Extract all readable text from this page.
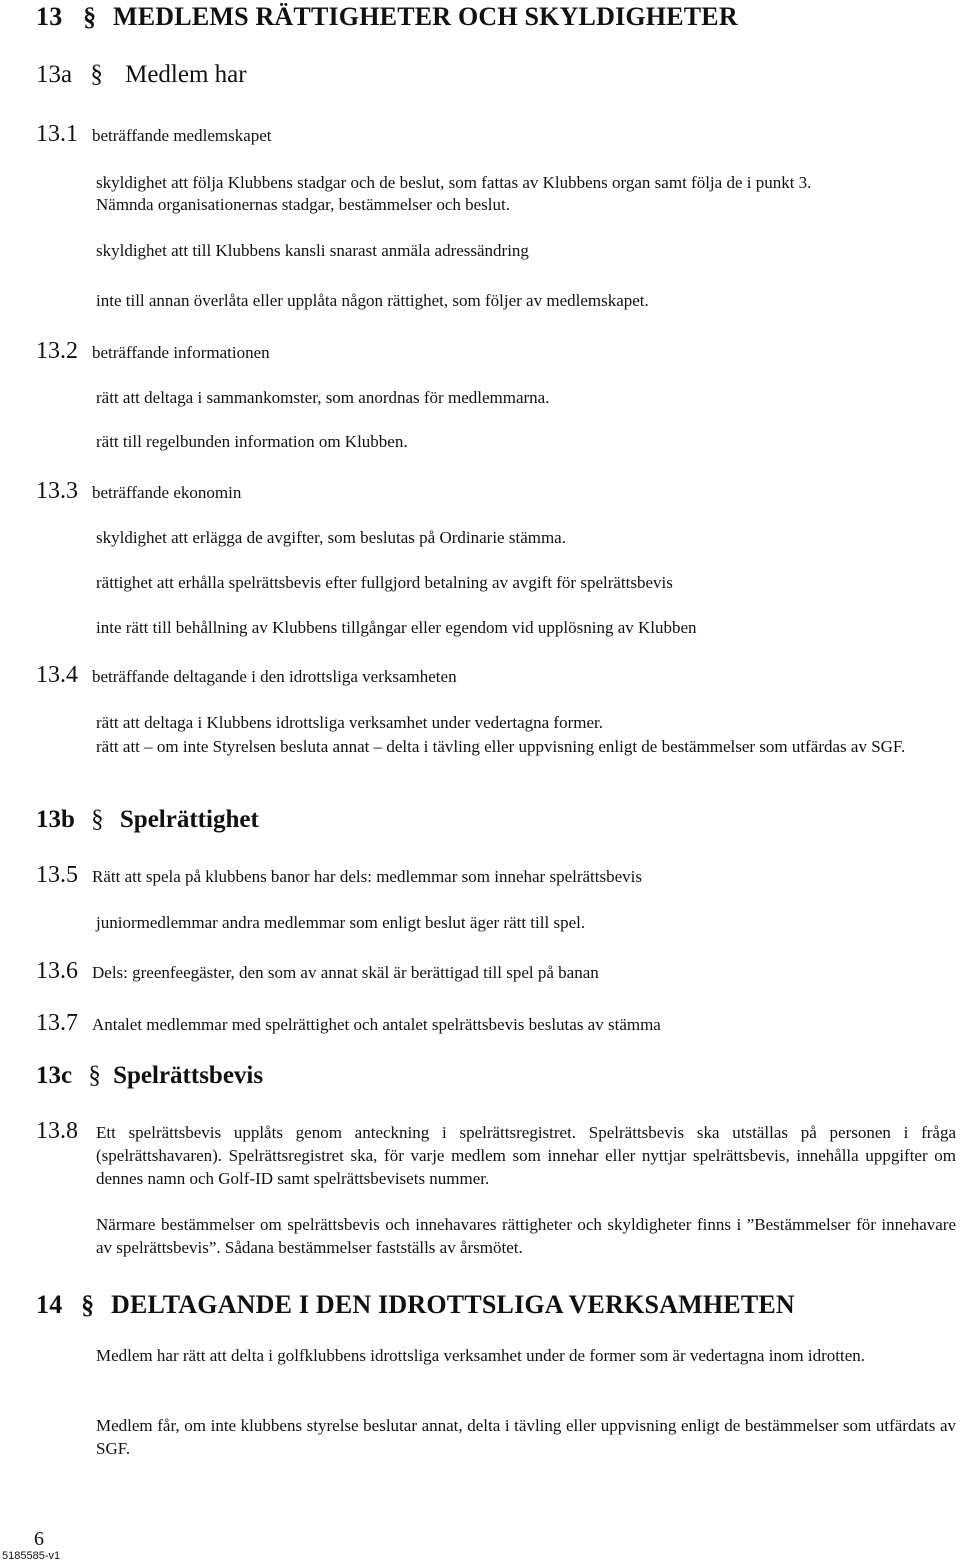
13 § MEDLEMS RÄTTIGHETER OCH SKYLDIGHETER
13a § Medlem har
13.1 beträffande medlemskapet
skyldighet att följa Klubbens stadgar och de beslut, som fattas av Klubbens organ samt följa de i punkt 3.
Nämnda organisationernas stadgar, bestämmelser och beslut.
skyldighet att till Klubbens kansli snarast anmäla adressändring
inte till annan överlåta eller upplåta någon rättighet, som följer av medlemskapet.
13.2 beträffande informationen
rätt att deltaga i sammankomster, som anordnas för medlemmarna.
rätt till regelbunden information om Klubben.
13.3 beträffande ekonomin
skyldighet att erlägga de avgifter, som beslutas på Ordinarie stämma.
rättighet att erhålla spelrättsbevis efter fullgjord betalning av avgift för spelrättsbevis
inte rätt till behållning av Klubbens tillgångar eller egendom vid upplösning av Klubben
13.4 beträffande deltagande i den idrottsliga verksamheten
rätt att deltaga i Klubbens idrottsliga verksamhet under vedertagna former.
rätt att – om inte Styrelsen besluta annat – delta i tävling eller uppvisning enligt de bestämmelser som utfärdas av SGF.
13b § Spelrättighet
13.5 Rätt att spela på klubbens banor har dels: medlemmar som innehar spelrättsbevis
juniormedlemmar andra medlemmar som enligt beslut äger rätt till spel.
13.6 Dels: greenfeegäster, den som av annat skäl är berättigad till spel på banan
13.7 Antalet medlemmar med spelrättighet och antalet spelrättsbevis beslutas av stämma
13c § Spelrättsbevis
13.8 Ett spelrättsbevis upplåts genom anteckning i spelrättsregistret. Spelrättsbevis ska utställas på personen i fråga (spelrättshavaren). Spelrättsregistret ska, för varje medlem som innehar eller nyttjar spelrättsbevis, innehålla uppgifter om dennes namn och Golf-ID samt spelrättsbevisets nummer.
Närmare bestämmelser om spelrättsbevis och innehavares rättigheter och skyldigheter finns i ”Bestämmelser för innehavare av spelrättsbevis”. Sådana bestämmelser fastställs av årsmötet.
14 § DELTAGANDE I DEN IDROTTSLIGA VERKSAMHETEN
Medlem har rätt att delta i golfklubbens idrottsliga verksamhet under de former som är vedertagna inom idrotten.
Medlem får, om inte klubbens styrelse beslutar annat, delta i tävling eller uppvisning enligt de bestämmelser som utfärdats av SGF.
6
5185585-v1
